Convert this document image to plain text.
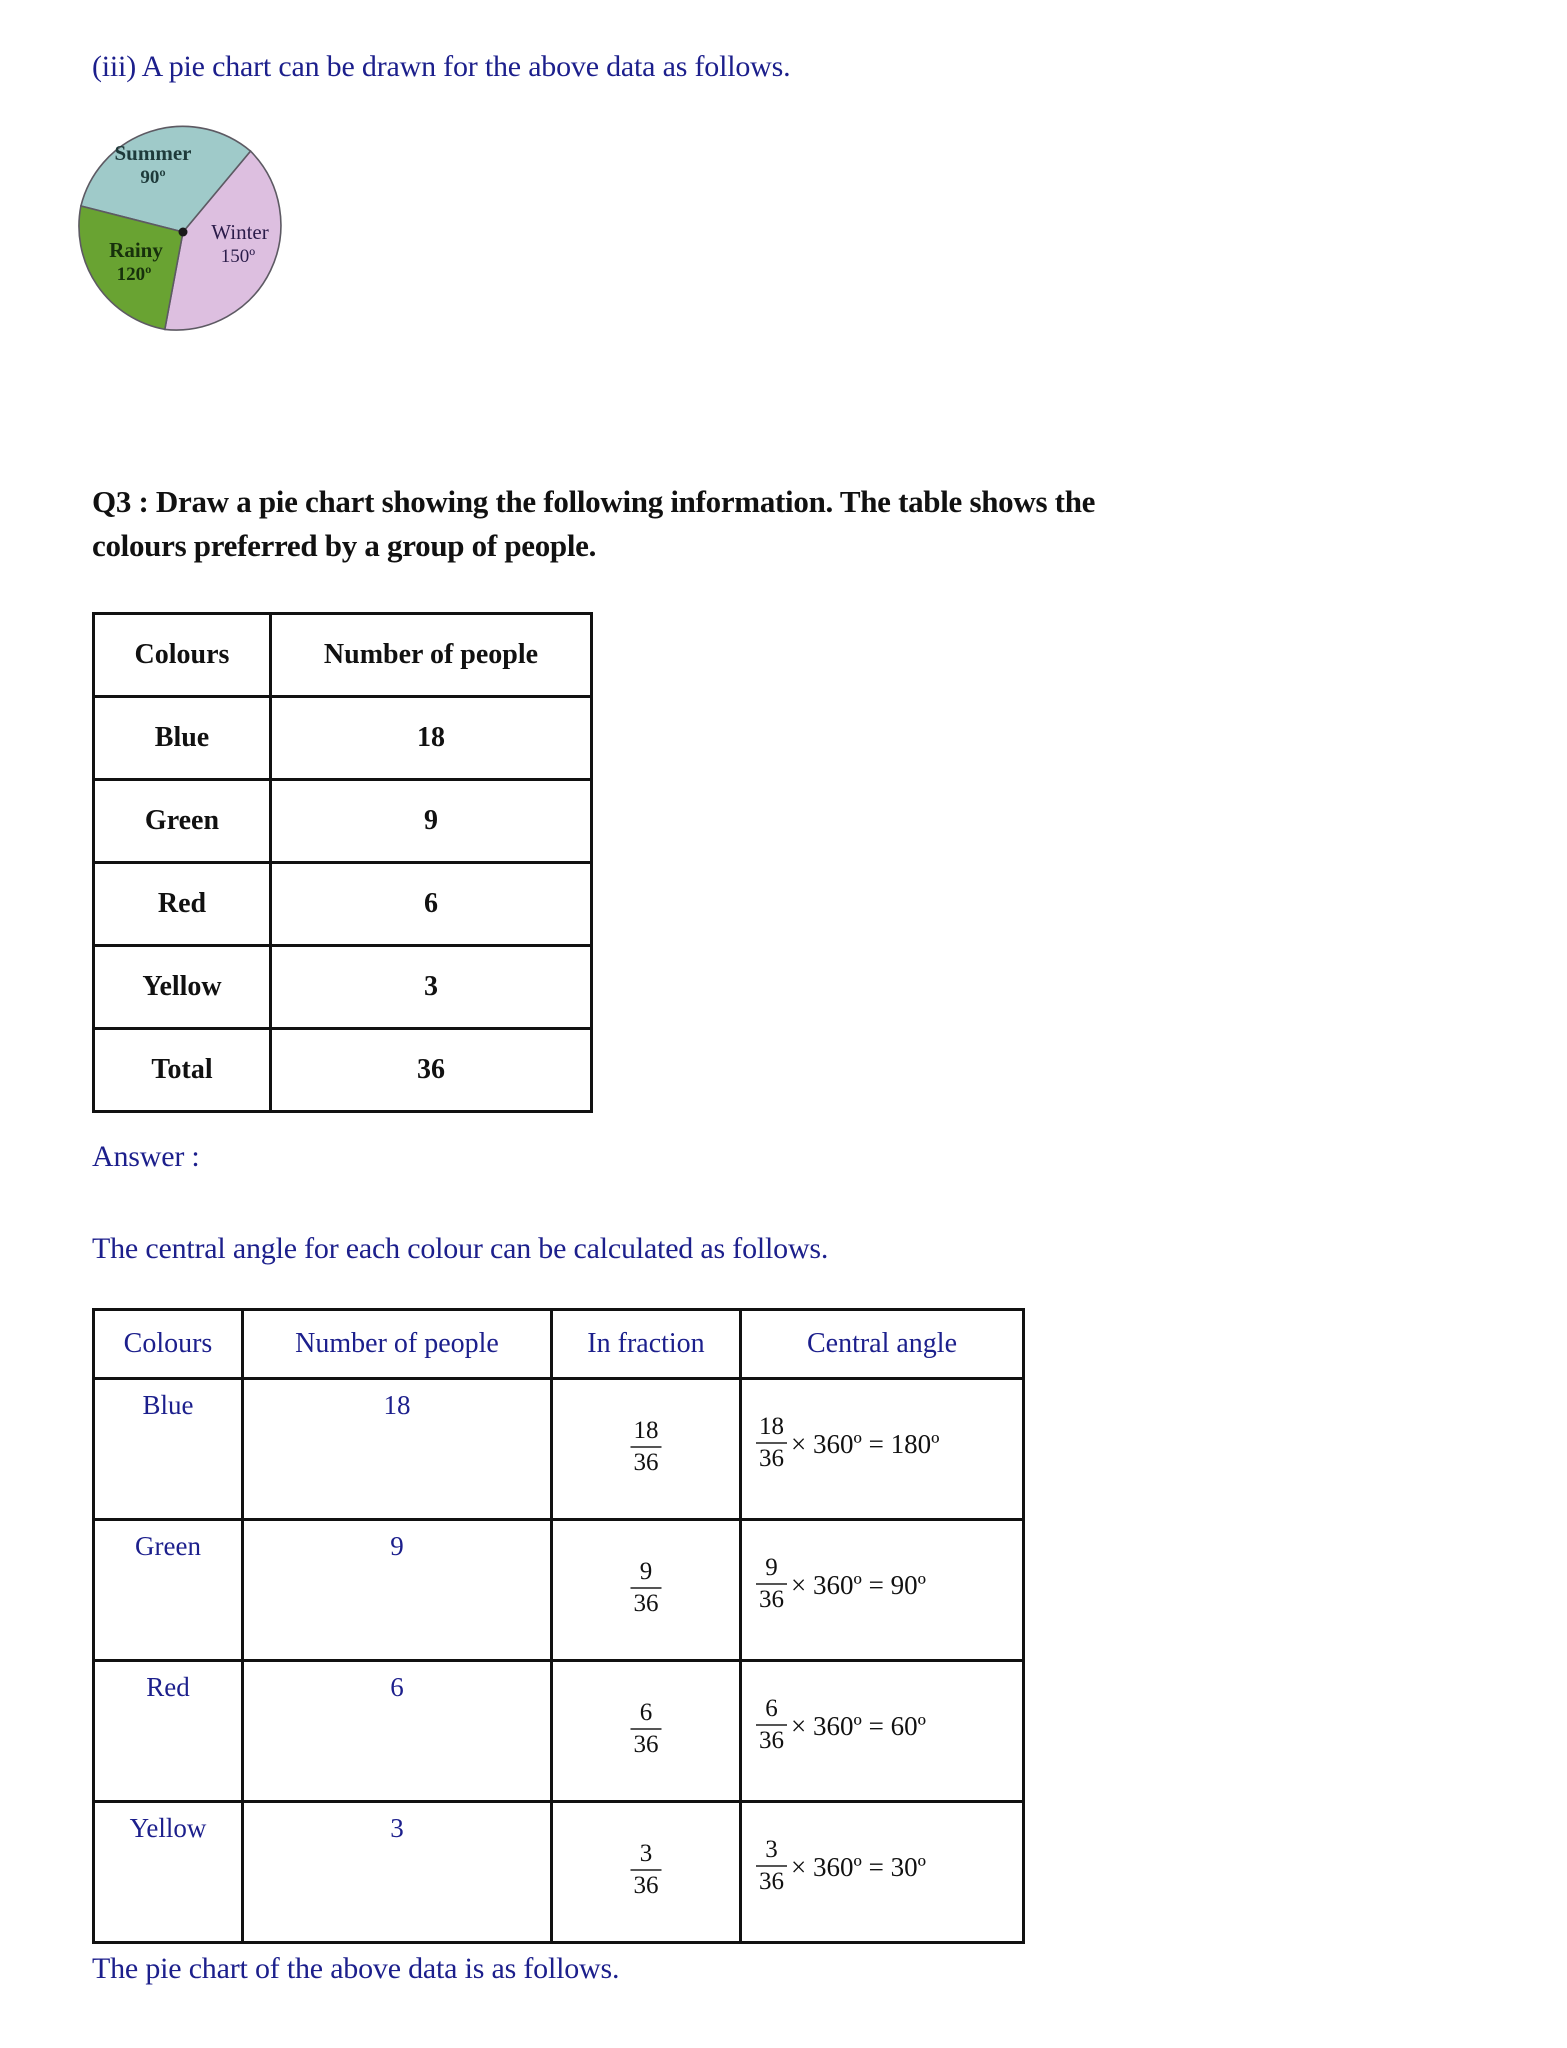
(iii) A pie chart can be drawn for the above data as follows.
Summer
90º
Winter
150º
Rainy
120º
Q3 : Draw a pie chart showing the following information. The table shows the
colours preferred by a group of people.
Colours	Number of people
Blue	18
Green	9
Red	6
Yellow	3
Total	36
Answer :
The central angle for each colour can be calculated as follows.
Colours	Number of people	In fraction	Central angle
Blue	18	$\frac{18}{36}$	$\frac{18}{36}$ × 360º = 180º

Green	9	$\frac{9}{36}$	$\frac{9}{36}$ × 360º = 90º

Red	6	$\frac{6}{36}$	$\frac{6}{36}$ × 360º = 60º

Yellow	3	$\frac{3}{36}$	$\frac{3}{36}$ × 360º = 30º
The pie chart of the above data is as follows.
